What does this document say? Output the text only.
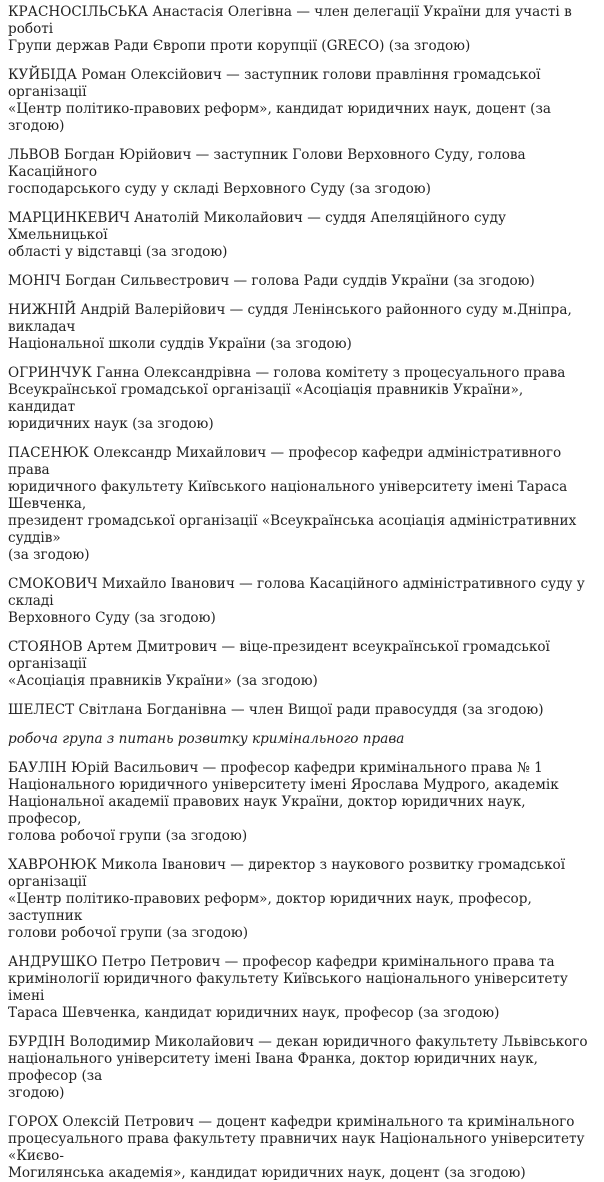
КРАСНОСІЛЬСЬКА Анастасія Олегівна — член делегації України для участі в роботі
Групи держав Ради Європи проти корупції (GRECO) (за згодою)

КУЙБІДА Роман Олексійович — заступник голови правління громадської організації
«Центр політико-правових реформ», кандидат юридичних наук, доцент (за згодою)

ЛЬВОВ Богдан Юрійович — заступник Голови Верховного Суду, голова Касаційного
господарського суду у складі Верховного Суду (за згодою)

МАРЦИНКЕВИЧ Анатолій Миколайович — суддя Апеляційного суду Хмельницької
області у відставці (за згодою)

МОНІЧ Богдан Сильвестрович — голова Ради суддів України (за згодою)

НИЖНІЙ Андрій Валерійович — суддя Ленінського районного суду м.Дніпра, викладач
Національної школи суддів України (за згодою)

ОГРИНЧУК Ганна Олександрівна — голова комітету з процесуального права
Всеукраїнської громадської організації «Асоціація правників України», кандидат
юридичних наук (за згодою)

ПАСЕНЮК Олександр Михайлович — професор кафедри адміністративного права
юридичного факультету Київського національного університету імені Тараса Шевченка,
президент громадської організації «Всеукраїнська асоціація адміністративних суддів»
(за згодою)

СМОКОВИЧ Михайло Іванович — голова Касаційного адміністративного суду у складі
Верховного Суду (за згодою)

СТОЯНОВ Артем Дмитрович — віце-президент всеукраїнської громадської організації
«Асоціація правників України» (за згодою)

ШЕЛЕСТ Світлана Богданівна — член Вищої ради правосуддя (за згодою)

робоча група з питань розвитку кримінального права

БАУЛІН Юрій Васильович — професор кафедри кримінального права № 1
Національного юридичного університету імені Ярослава Мудрого, академік
Національної академії правових наук України, доктор юридичних наук, професор,
голова робочої групи (за згодою)

ХАВРОНЮК Микола Іванович — директор з наукового розвитку громадської організації
«Центр політико-правових реформ», доктор юридичних наук, професор, заступник
голови робочої групи (за згодою)

АНДРУШКО Петро Петрович — професор кафедри кримінального права та
кримінології юридичного факультету Київського національного університету імені
Тараса Шевченка, кандидат юридичних наук, професор (за згодою)

БУРДІН Володимир Миколайович — декан юридичного факультету Львівського
національного університету імені Івана Франка, доктор юридичних наук, професор (за
згодою)

ГОРОХ Олексій Петрович — доцент кафедри кримінального та кримінального
процесуального права факультету правничих наук Національного університету «Києво-
Могилянська академія», кандидат юридичних наук, доцент (за згодою)
